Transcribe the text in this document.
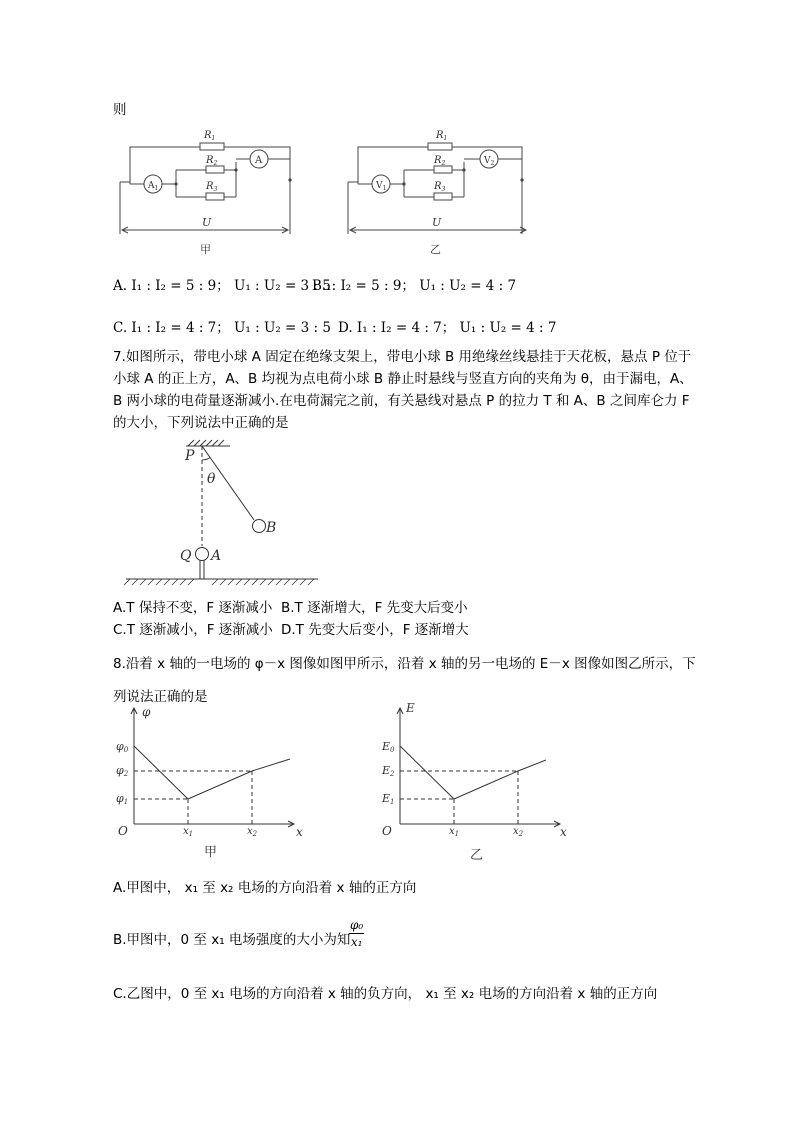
则
$R_1$
$R_2$
$R_3$
A
$A_1$
U
甲
$R_1$
$R_2$
$R_3$
$V_2$
$V_1$
U
乙
A. I₁ : I₂ = 5 : 9； U₁ : U₂ = 3 : 5
B.₁: I₂ = 5 : 9； U₁ : U₂ = 4 : 7
C. I₁ : I₂ = 4 : 7； U₁ : U₂ = 3 : 5 D. I₁ : I₂ = 4 : 7； U₁ : U₂ = 4 : 7
7.如图所示，带电小球 A 固定在绝缘支架上，带电小球 B 用绝缘丝线悬挂于天花板，悬点 P 位于
小球 A 的正上方，A、B 均视为点电荷小球 B 静止时悬线与竖直方向的夹角为 θ，由于漏电，A、
B 两小球的电荷量逐渐减小.在电荷漏完之前，有关悬线对悬点 P 的拉力 T 和 A、B 之间库仑力 F
的大小，下列说法中正确的是
P
θ
B
Q A
A.T 保持不变，F 逐渐减小 B.T 逐渐增大，F 先变大后变小
C.T 逐渐减小，F 逐渐减小 D.T 先变大后变小，F 逐渐增大
8.沿着 x 轴的一电场的 φ－x 图像如图甲所示，沿着 x 轴的另一电场的 E－x 图像如图乙所示，下
列说法正确的是
φ
φ0
φ2
φ1
O	$x_1$	$x_2$	x
甲
E
E0
E2
E1
O	$x_1$	$x_2$	x
乙
A.甲图中， x₁ 至 x₂ 电场的方向沿着 x 轴的正方向
B.甲图中，0 至 x₁ 电场强度的大小为知
$\frac{\text{φ₀}}{\text{x₁}}$
C.乙图中，0 至 x₁ 电场的方向沿着 x 轴的负方向， x₁ 至 x₂ 电场的方向沿着 x 轴的正方向
